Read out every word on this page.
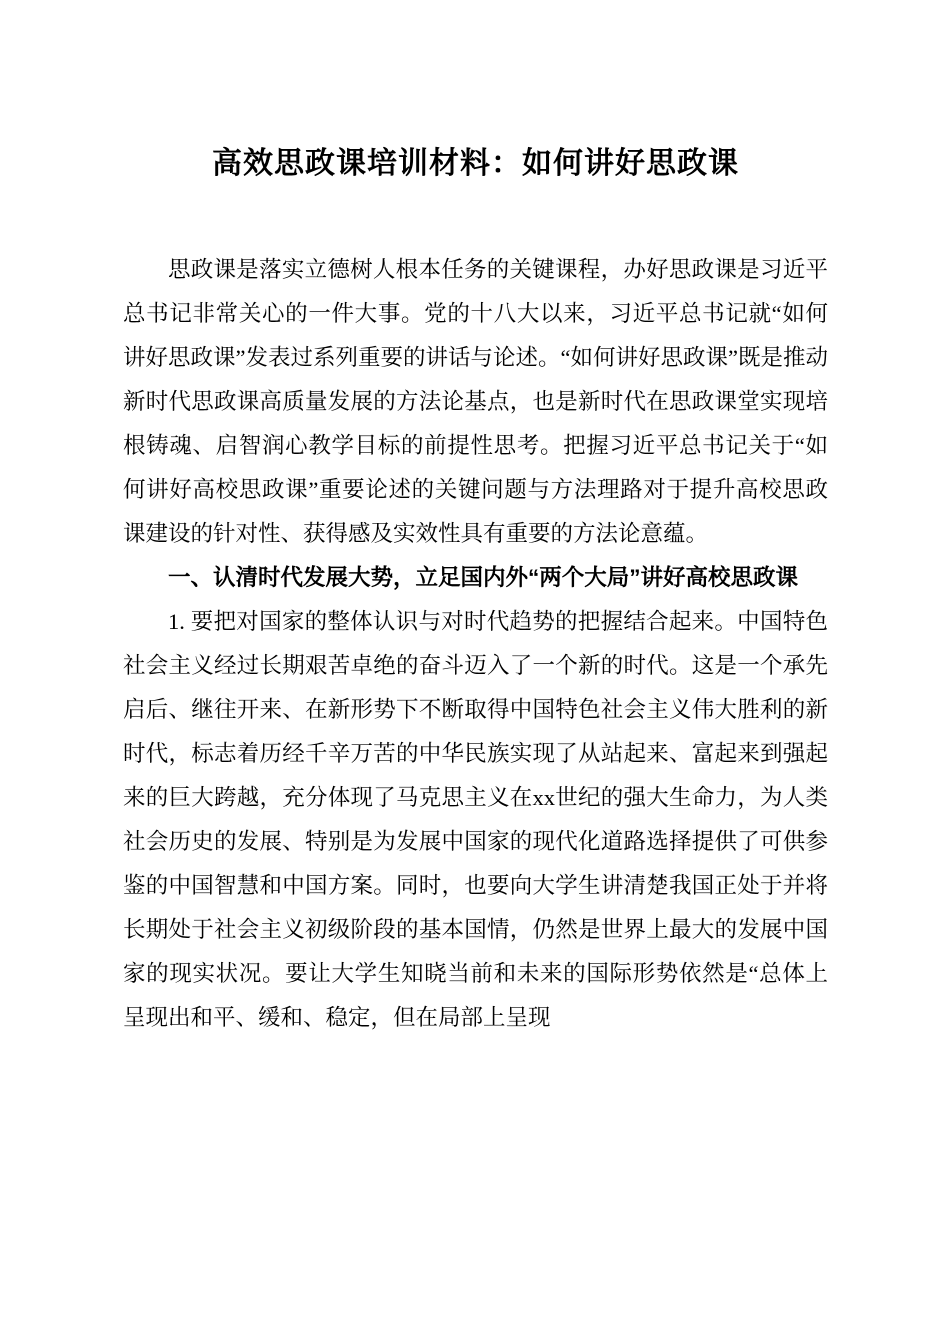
高效思政课培训材料：如何讲好思政课

思政课是落实立德树人根本任务的关键课程，办好思政课是习近平总书记非常关心的一件大事。党的十八大以来，习近平总书记就“如何讲好思政课”发表过系列重要的讲话与论述。“如何讲好思政课”既是推动新时代思政课高质量发展的方法论基点，也是新时代在思政课堂实现培根铸魂、启智润心教学目标的前提性思考。把握习近平总书记关于“如何讲好高校思政课”重要论述的关键问题与方法理路对于提升高校思政课建设的针对性、获得感及实效性具有重要的方法论意蕴。

一、认清时代发展大势，立足国内外“两个大局”讲好高校思政课

1. 要把对国家的整体认识与对时代趋势的把握结合起来。中国特色社会主义经过长期艰苦卓绝的奋斗迈入了一个新的时代。这是一个承先启后、继往开来、在新形势下不断取得中国特色社会主义伟大胜利的新时代，标志着历经千辛万苦的中华民族实现了从站起来、富起来到强起来的巨大跨越，充分体现了马克思主义在xx世纪的强大生命力，为人类社会历史的发展、特别是为发展中国家的现代化道路选择提供了可供参鉴的中国智慧和中国方案。同时，也要向大学生讲清楚我国正处于并将长期处于社会主义初级阶段的基本国情，仍然是世界上最大的发展中国家的现实状况。要让大学生知晓当前和未来的国际形势依然是“总体上呈现出和平、缓和、稳定，但在局部上呈现
